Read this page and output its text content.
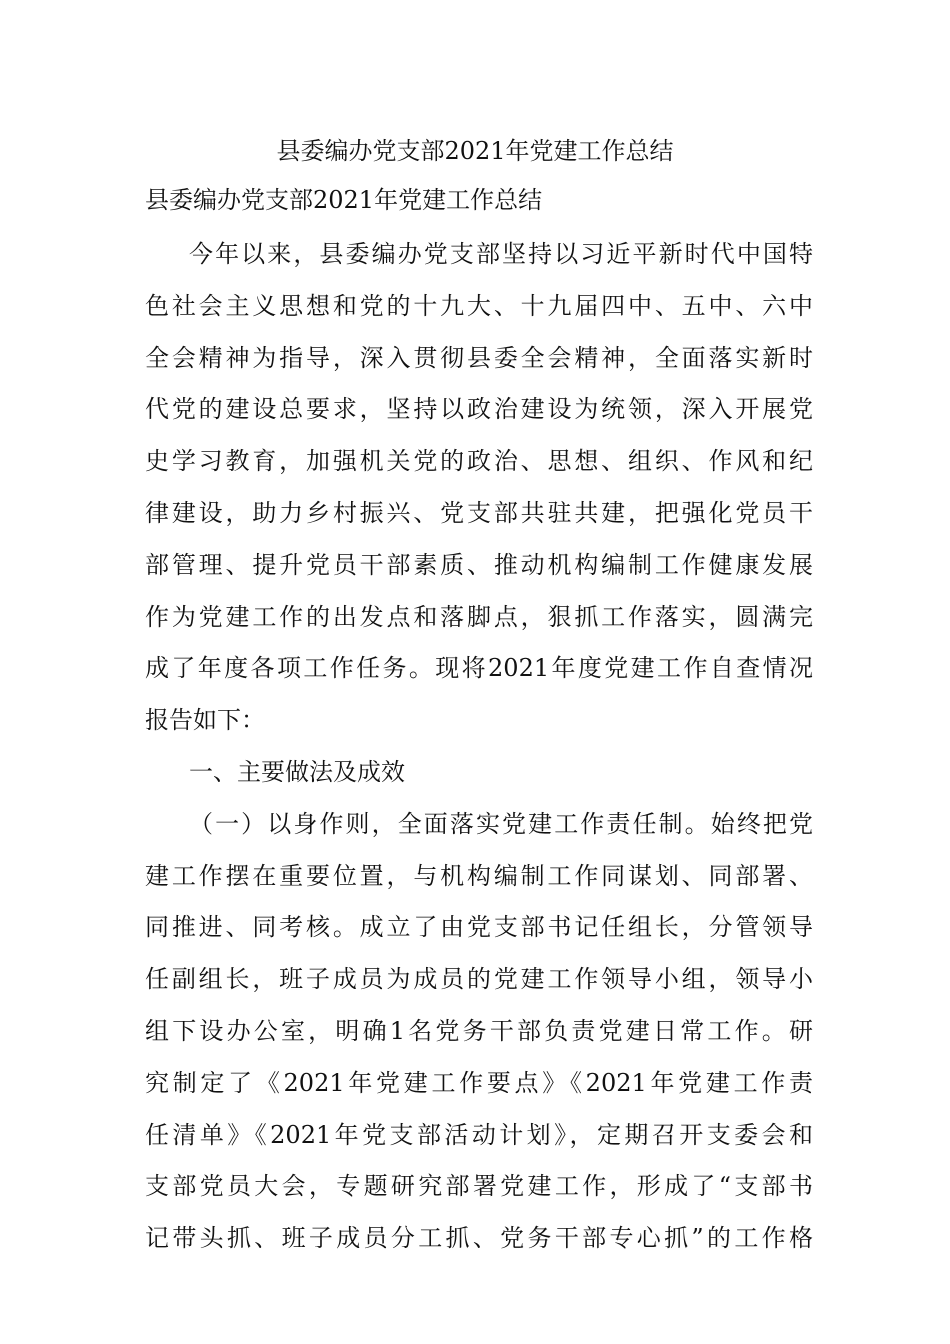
县委编办党支部2021年党建工作总结

县委编办党支部2021年党建工作总结

今年以来，县委编办党支部坚持以习近平新时代中国特
色社会主义思想和党的十九大、十九届四中、五中、六中
全会精神为指导，深入贯彻县委全会精神，全面落实新时
代党的建设总要求，坚持以政治建设为统领，深入开展党
史学习教育，加强机关党的政治、思想、组织、作风和纪
律建设，助力乡村振兴、党支部共驻共建，把强化党员干
部管理、提升党员干部素质、推动机构编制工作健康发展
作为党建工作的出发点和落脚点，狠抓工作落实，圆满完
成了年度各项工作任务。现将2021年度党建工作自查情况
报告如下：
一、主要做法及成效
（一）以身作则，全面落实党建工作责任制。始终把党
建工作摆在重要位置，与机构编制工作同谋划、同部署、
同推进、同考核。成立了由党支部书记任组长，分管领导
任副组长，班子成员为成员的党建工作领导小组，领导小
组下设办公室，明确1名党务干部负责党建日常工作。研
究制定了《2021年党建工作要点》《2021年党建工作责
任清单》《2021年党支部活动计划》，定期召开支委会和
支部党员大会，专题研究部署党建工作，形成了“支部书
记带头抓、班子成员分工抓、党务干部专心抓”的工作格
